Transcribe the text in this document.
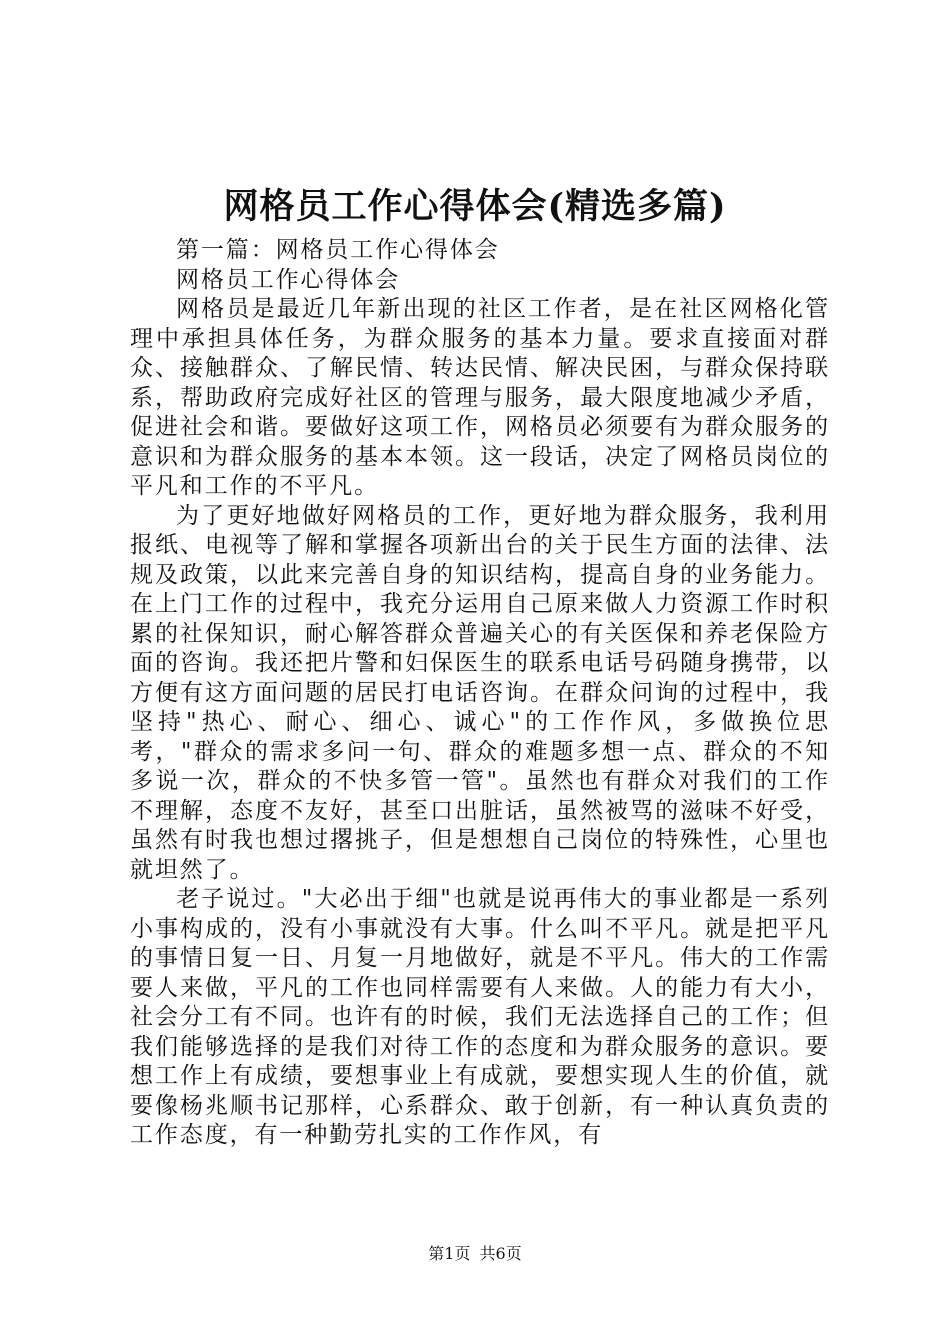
网格员工作心得体会(精选多篇)

第一篇：网格员工作心得体会

网格员工作心得体会

网格员是最近几年新出现的社区工作者，是在社区网格化管理中承担具体任务，为群众服务的基本力量。要求直接面对群众、接触群众、了解民情、转达民情、解决民困，与群众保持联系，帮助政府完成好社区的管理与服务，最大限度地减少矛盾，促进社会和谐。要做好这项工作，网格员必须要有为群众服务的意识和为群众服务的基本本领。这一段话，决定了网格员岗位的平凡和工作的不平凡。

为了更好地做好网格员的工作，更好地为群众服务，我利用报纸、电视等了解和掌握各项新出台的关于民生方面的法律、法规及政策，以此来完善自身的知识结构，提高自身的业务能力。在上门工作的过程中，我充分运用自己原来做人力资源工作时积累的社保知识，耐心解答群众普遍关心的有关医保和养老保险方面的咨询。我还把片警和妇保医生的联系电话号码随身携带，以方便有这方面问题的居民打电话咨询。在群众问询的过程中，我坚持"热心、耐心、细心、诚心"的工作作风，多做换位思考，"群众的需求多问一句、群众的难题多想一点、群众的不知多说一次，群众的不快多管一管"。虽然也有群众对我们的工作不理解，态度不友好，甚至口出脏话，虽然被骂的滋味不好受，虽然有时我也想过撂挑子，但是想想自己岗位的特殊性，心里也就坦然了。

老子说过。"大必出于细"也就是说再伟大的事业都是一系列小事构成的，没有小事就没有大事。什么叫不平凡。就是把平凡的事情日复一日、月复一月地做好，就是不平凡。伟大的工作需要人来做，平凡的工作也同样需要有人来做。人的能力有大小，社会分工有不同。也许有的时候，我们无法选择自己的工作；但我们能够选择的是我们对待工作的态度和为群众服务的意识。要想工作上有成绩，要想事业上有成就，要想实现人生的价值，就要像杨兆顺书记那样，心系群众、敢于创新，有一种认真负责的工作态度，有一种勤劳扎实的工作作风，有

第1页 共6页
